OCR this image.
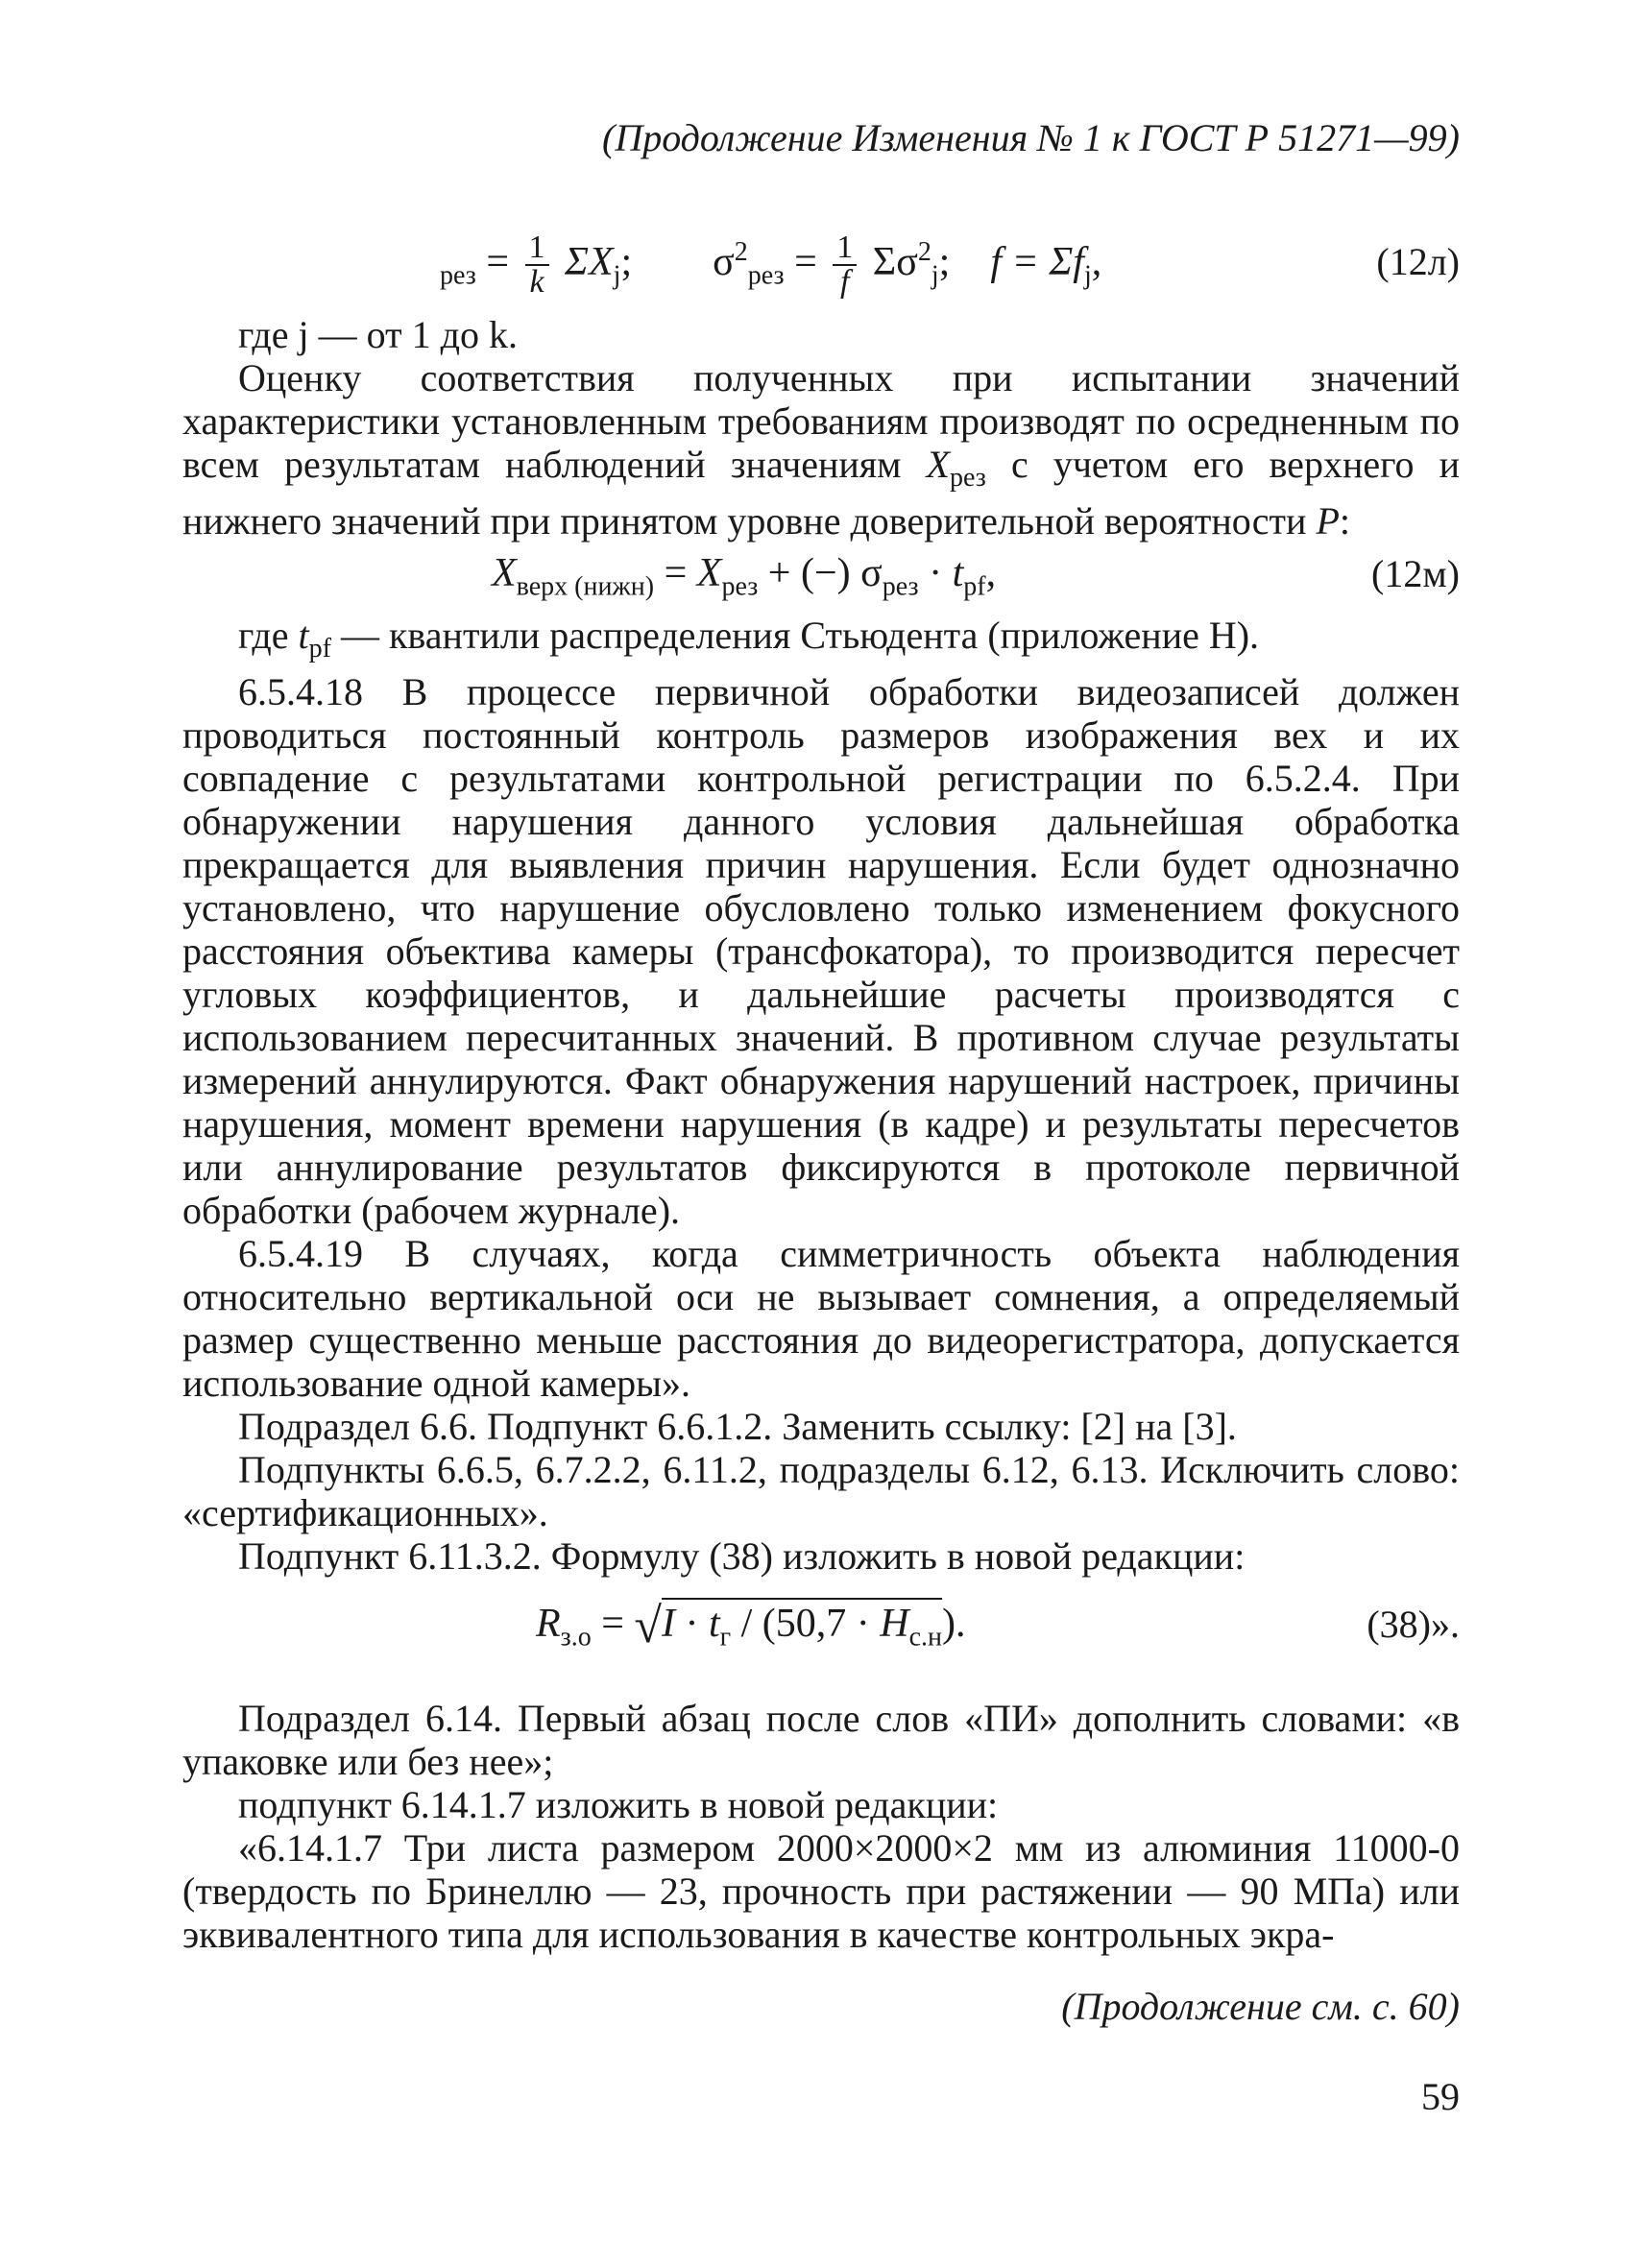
(Продолжение Изменения № 1 к ГОСТ Р 51271—99)
$_{рез} = \frac{1}{k} \Sigma X_j$; $\sigma^2_{рез} = \frac{1}{f} \Sigma\sigma^2_j$; $f = \Sigma f_j$,	(12л)

где j — от 1 до k.

Оценку соответствия полученных при испытании значений характеристики установленным требованиям производят по осредненным по всем результатам наблюдений значениям $X_{рез}$ с учетом его верхнего и нижнего значений при принятом уровне доверительной вероятности P:

$X_{верх (нижн)} = X_{рез}$ + (−) $\sigma_{рез} \cdot t_{pf}$,	(12м)

где $t_{pf}$ — квантили распределения Стьюдента (приложение Н).

6.5.4.18 В процессе первичной обработки видеозаписей должен проводиться постоянный контроль размеров изображения вех и их совпадение с результатами контрольной регистрации по 6.5.2.4. При обнаружении нарушения данного условия дальнейшая обработка прекращается для выявления причин нарушения. Если будет однозначно установлено, что нарушение обусловлено только изменением фокусного расстояния объектива камеры (трансфокатора), то производится пересчет угловых коэффициентов, и дальнейшие расчеты производятся с использованием пересчитанных значений. В противном случае результаты измерений аннулируются. Факт обнаружения нарушений настроек, причины нарушения, момент времени нарушения (в кадре) и результаты пересчетов или аннулирование результатов фиксируются в протоколе первичной обработки (рабочем журнале).

6.5.4.19 В случаях, когда симметричность объекта наблюдения относительно вертикальной оси не вызывает сомнения, а определяемый размер существенно меньше расстояния до видеорегистратора, допускается использование одной камеры».

Подраздел 6.6. Подпункт 6.6.1.2. Заменить ссылку: [2] на [3].

Подпункты 6.6.5, 6.7.2.2, 6.11.2, подразделы 6.12, 6.13. Исключить слово: «сертификационных».

Подпункт 6.11.3.2. Формулу (38) изложить в новой редакции:

$R_{з.о} = √I \cdot t_г / (50,7 \cdot H_{с.н})$.	(38)».

Подраздел 6.14. Первый абзац после слов «ПИ» дополнить словами: «в упаковке или без нее»;

подпункт 6.14.1.7 изложить в новой редакции:

«6.14.1.7 Три листа размером 2000×2000×2 мм из алюминия 11000-0 (твердость по Бринеллю — 23, прочность при растяжении — 90 МПа) или эквивалентного типа для использования в качестве контрольных экра-

(Продолжение см. с. 60)
59
